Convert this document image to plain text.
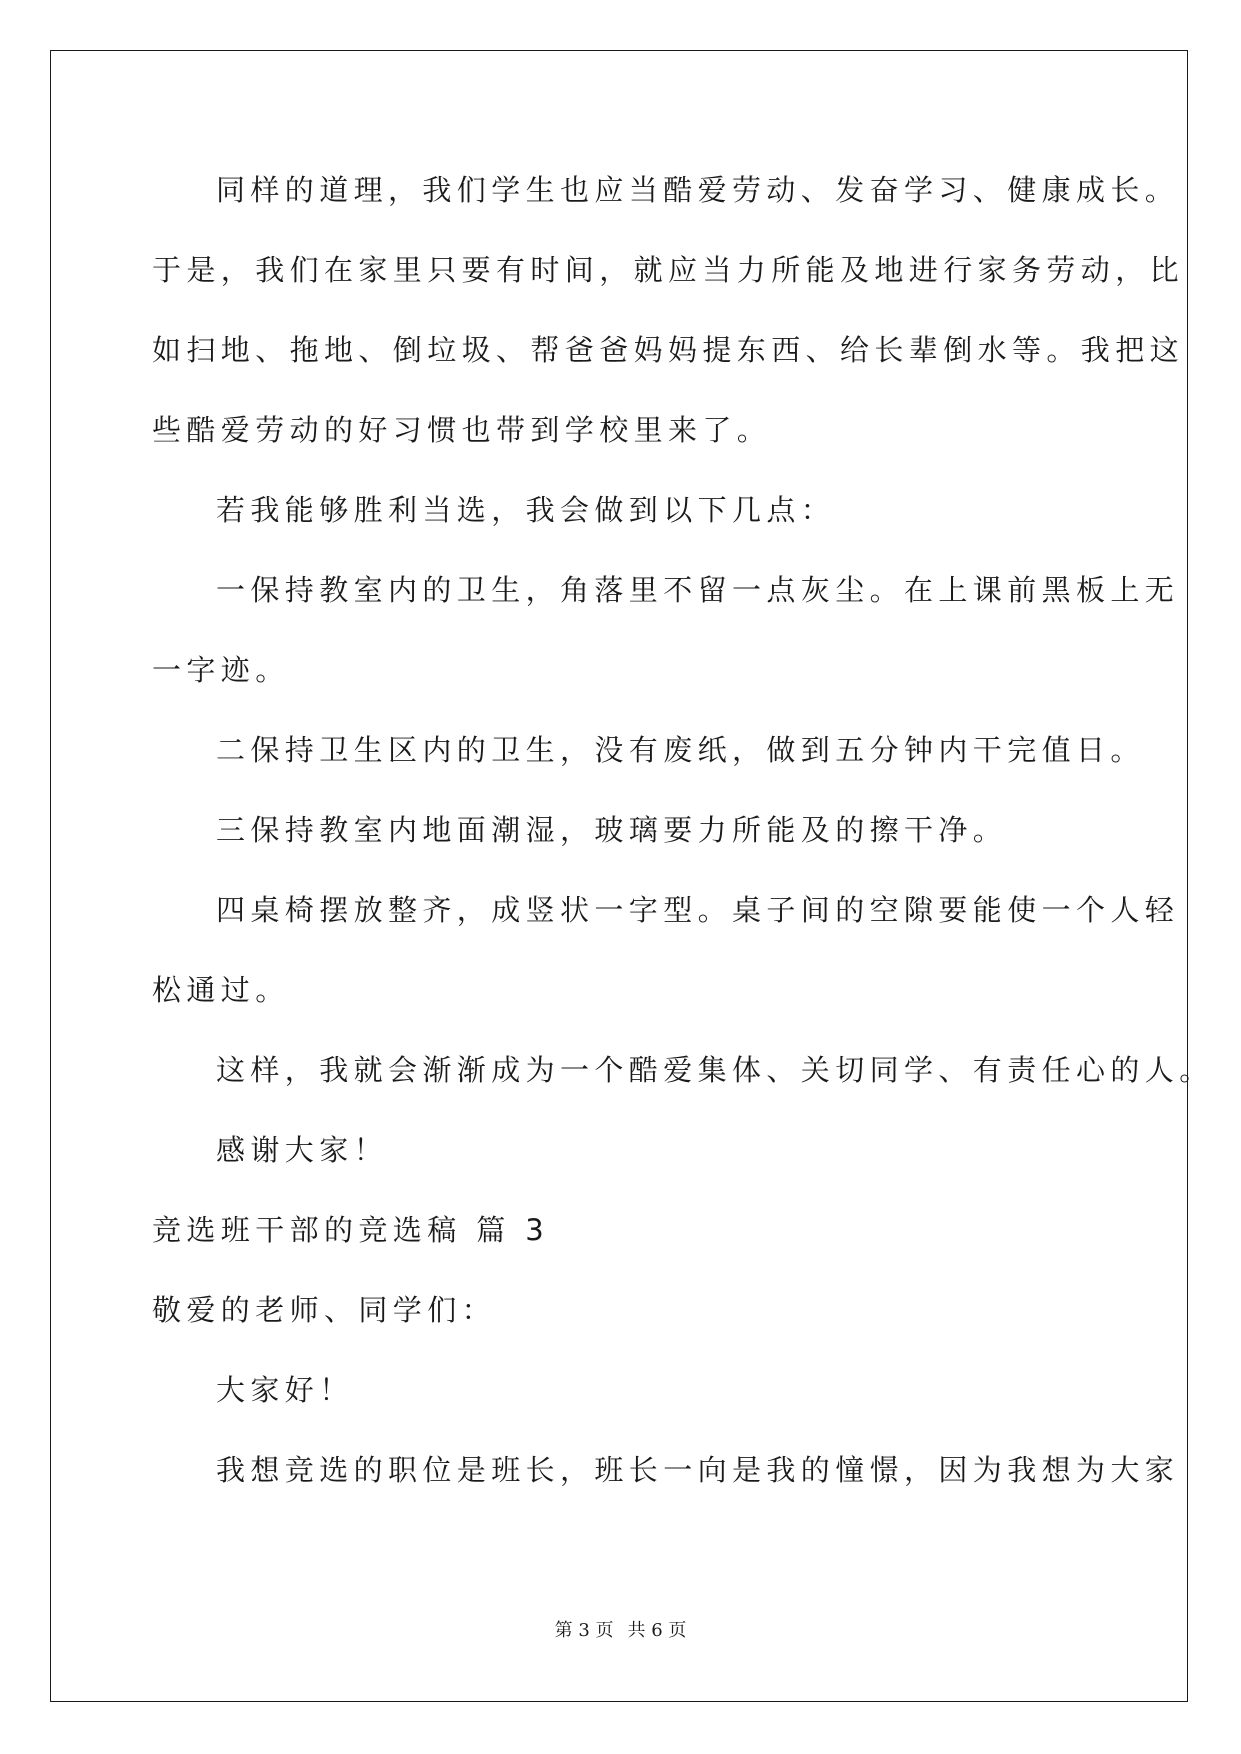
同样的道理，我们学生也应当酷爱劳动、发奋学习、健康成长。
于是，我们在家里只要有时间，就应当力所能及地进行家务劳动，比
如扫地、拖地、倒垃圾、帮爸爸妈妈提东西、给长辈倒水等。我把这
些酷爱劳动的好习惯也带到学校里来了。
若我能够胜利当选，我会做到以下几点：
一保持教室内的卫生，角落里不留一点灰尘。在上课前黑板上无
一字迹。
二保持卫生区内的卫生，没有废纸，做到五分钟内干完值日。
三保持教室内地面潮湿，玻璃要力所能及的擦干净。
四桌椅摆放整齐，成竖状一字型。桌子间的空隙要能使一个人轻
松通过。
这样，我就会渐渐成为一个酷爱集体、关切同学、有责任心的人。
感谢大家！
竞选班干部的竞选稿 篇 3
敬爱的老师、同学们：
大家好！
我想竞选的职位是班长，班长一向是我的憧憬，因为我想为大家
第 3 页 共 6 页
